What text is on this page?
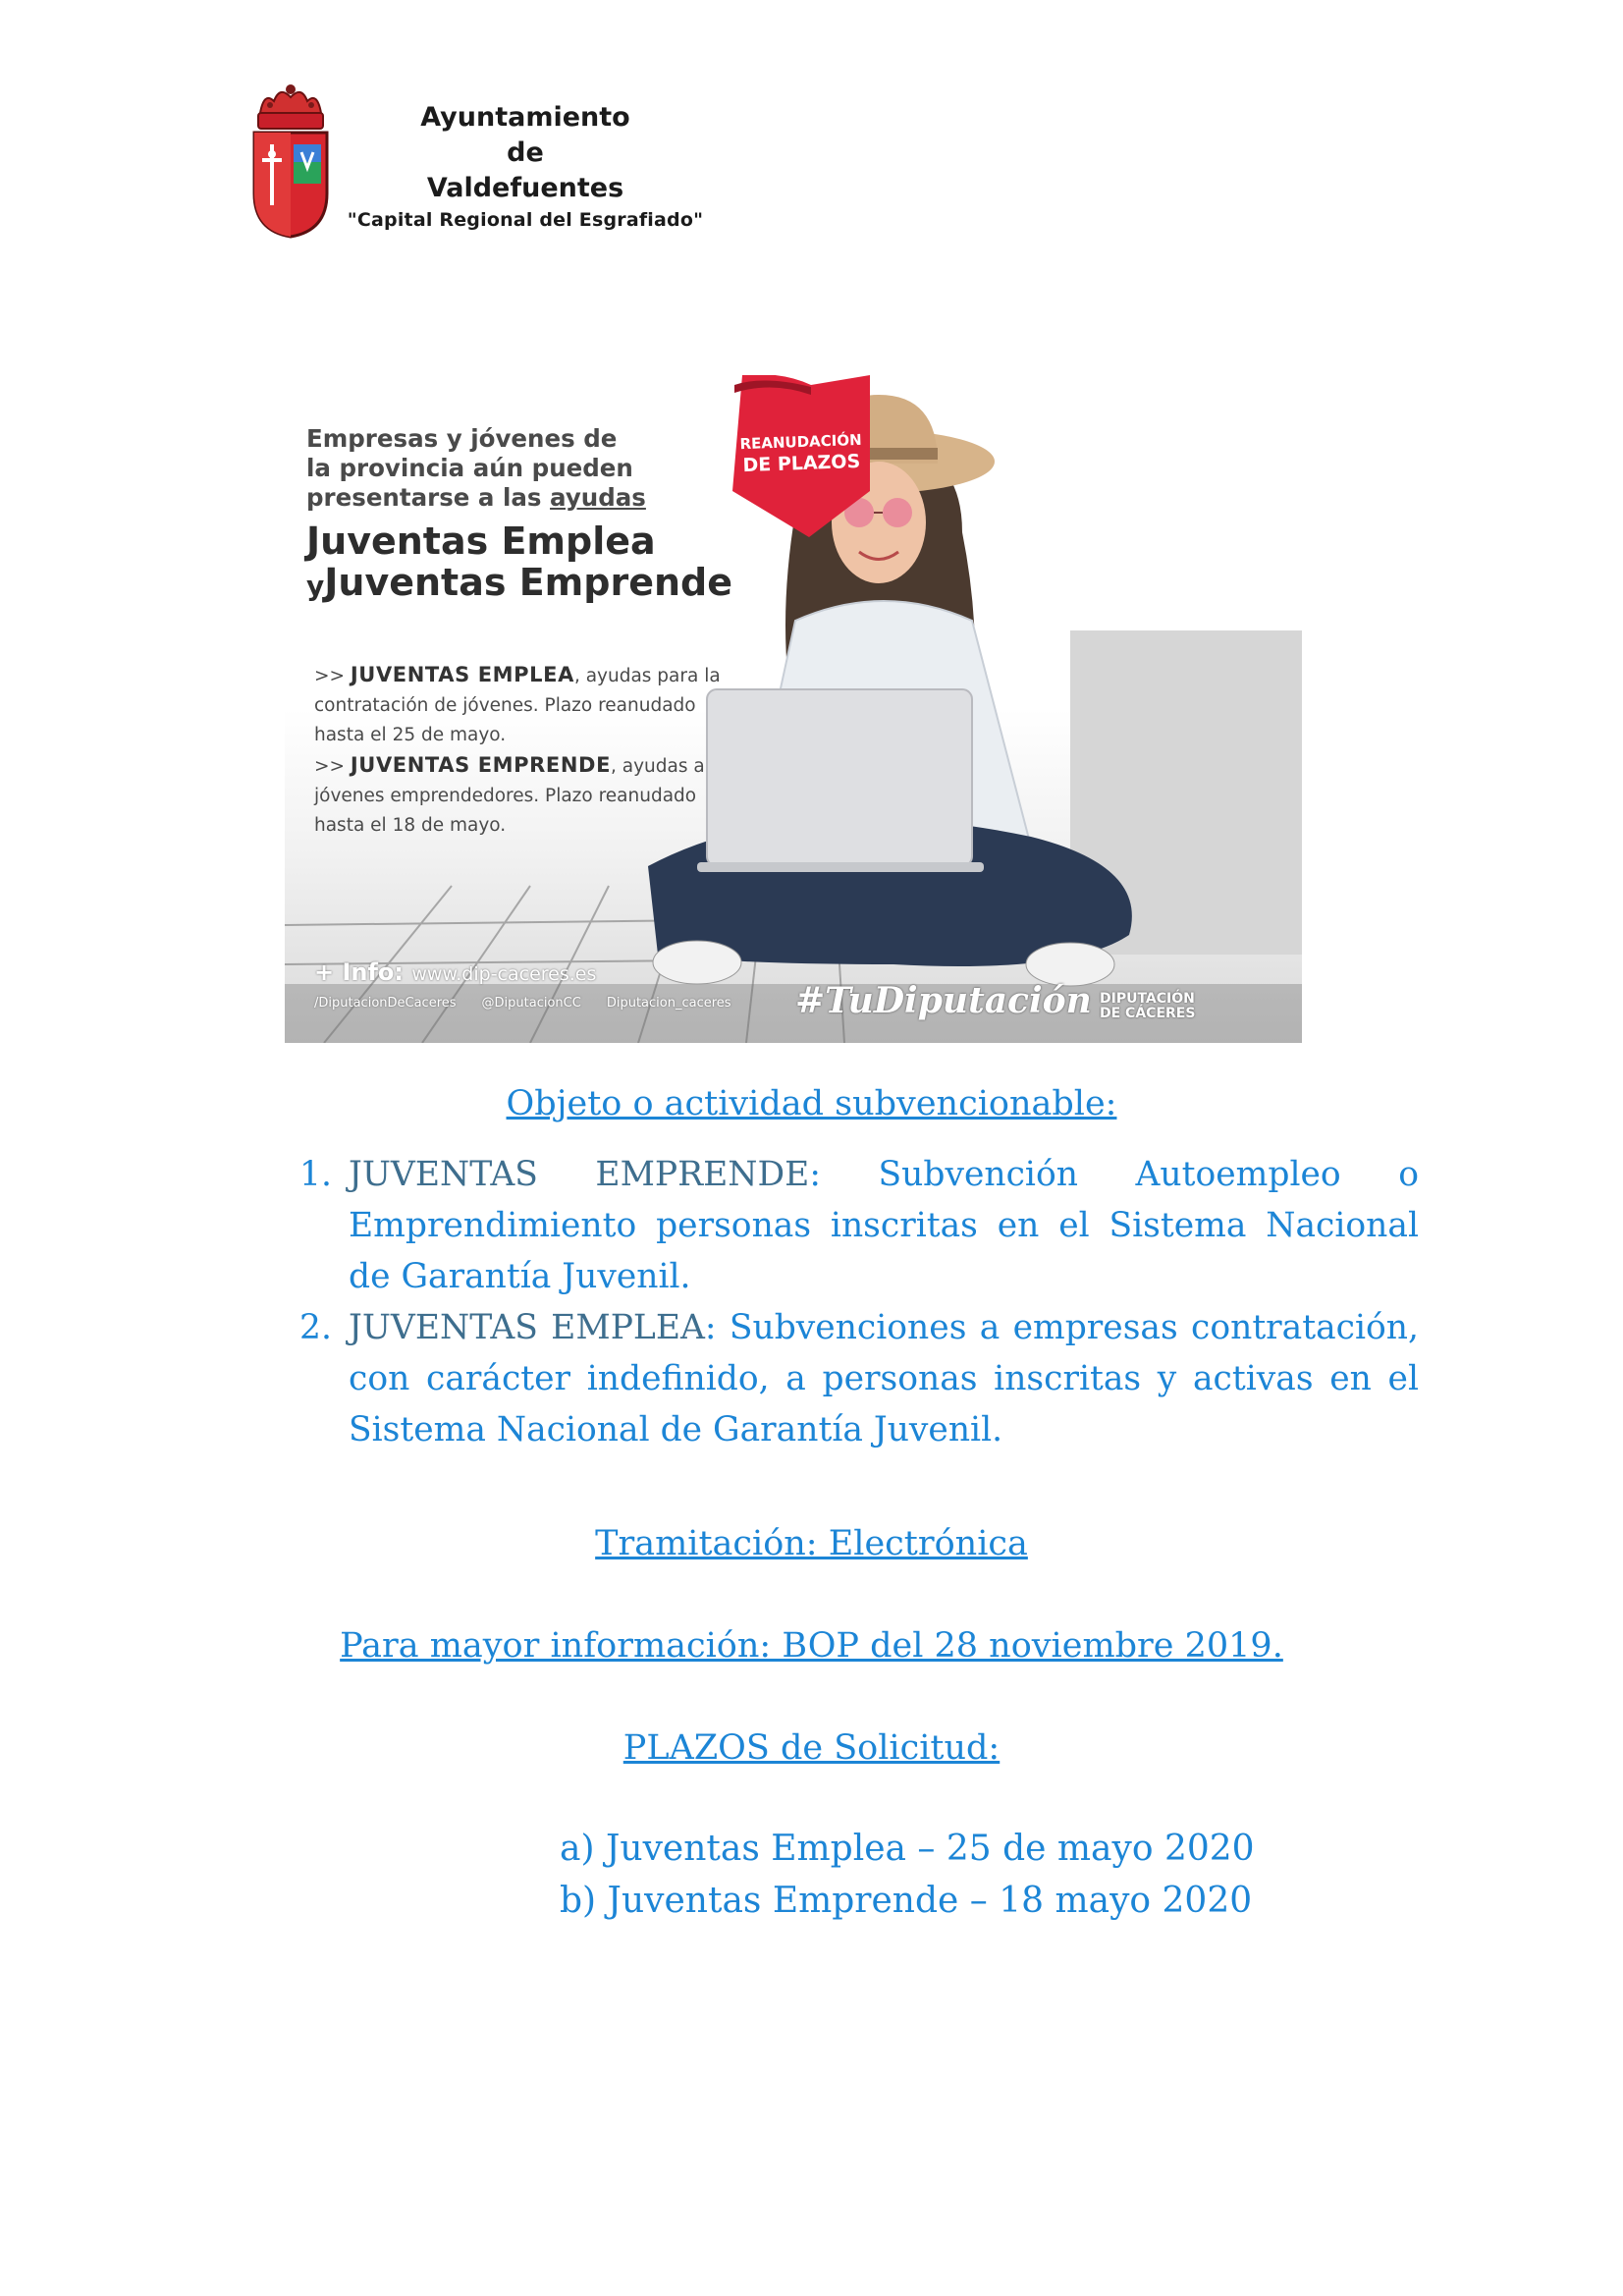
Ayuntamiento
de
Valdefuentes
"Capital Regional del Esgrafiado"
REANUDACIÓN
DE PLAZOS
Empresas y jóvenes de
la provincia aún pueden
presentarse a las ayudas
Juventas Emplea
yJuventas Emprende
>> JUVENTAS EMPLEA, ayudas para la
contratación de jóvenes. Plazo reanudado
hasta el 25 de mayo.
>> JUVENTAS EMPRENDE, ayudas a
jóvenes emprendedores. Plazo reanudado
hasta el 18 de mayo.
+ Info: www.dip-caceres.es
/DiputacionDeCaceres @DiputacionCC Diputacion_caceres #TuDiputación DIPUTACIÓN
DE CÁCERES
Objeto o actividad subvencionable:
1. JUVENTAS EMPRENDE: Subvención Autoempleo o
Emprendimiento personas inscritas en el Sistema Nacional
de Garantía Juvenil.
2. JUVENTAS EMPLEA: Subvenciones a empresas contratación,
con carácter indefinido, a personas inscritas y activas en el
Sistema Nacional de Garantía Juvenil.
Tramitación: Electrónica
Para mayor información: BOP del 28 noviembre 2019.
PLAZOS de Solicitud:
a) Juventas Emplea – 25 de mayo 2020
b) Juventas Emprende – 18 mayo 2020
